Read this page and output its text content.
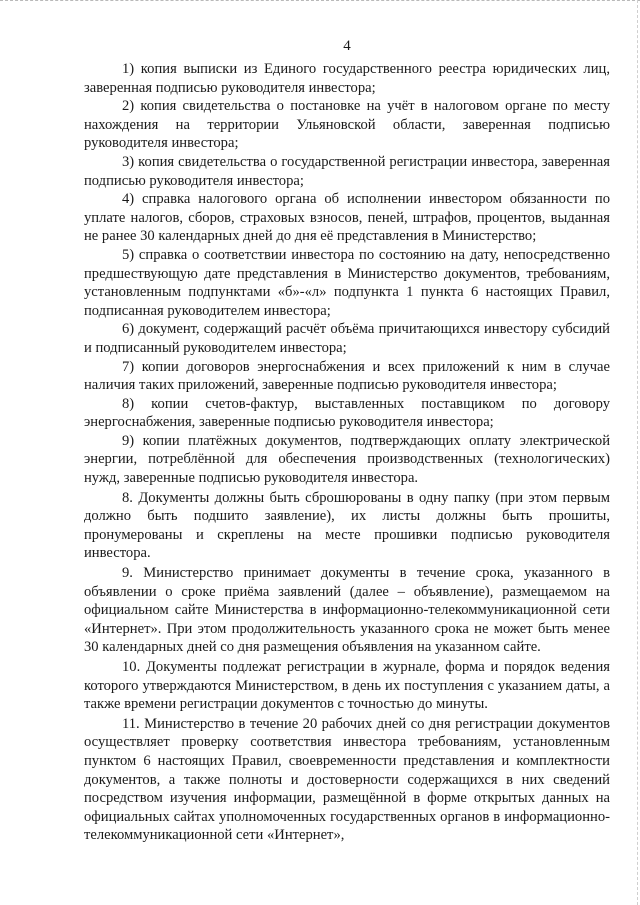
4

1) копия выписки из Единого государственного реестра юридических лиц, заверенная подписью руководителя инвестора;

2) копия свидетельства о постановке на учёт в налоговом органе по месту нахождения на территории Ульяновской области, заверенная подписью руководителя инвестора;

3) копия свидетельства о государственной регистрации инвестора, заверенная подписью руководителя инвестора;

4) справка налогового органа об исполнении инвестором обязанности по уплате налогов, сборов, страховых взносов, пеней, штрафов, процентов, выданная не ранее 30 календарных дней до дня её представления в Министерство;

5) справка о соответствии инвестора по состоянию на дату, непосредственно предшествующую дате представления в Министерство документов, требованиям, установленным подпунктами «б»-«л» подпункта 1 пункта 6 настоящих Правил, подписанная руководителем инвестора;

6) документ, содержащий расчёт объёма причитающихся инвестору субсидий и подписанный руководителем инвестора;

7) копии договоров энергоснабжения и всех приложений к ним в случае наличия таких приложений, заверенные подписью руководителя инвестора;

8) копии счетов-фактур, выставленных поставщиком по договору энергоснабжения, заверенные подписью руководителя инвестора;

9) копии платёжных документов, подтверждающих оплату электрической энергии, потреблённой для обеспечения производственных (технологических) нужд, заверенные подписью руководителя инвестора.

8. Документы должны быть сброшюрованы в одну папку (при этом первым должно быть подшито заявление), их листы должны быть прошиты, пронумерованы и скреплены на месте прошивки подписью руководителя инвестора.

9. Министерство принимает документы в течение срока, указанного в объявлении о сроке приёма заявлений (далее – объявление), размещаемом на официальном сайте Министерства в информационно-телекоммуникационной сети «Интернет». При этом продолжительность указанного срока не может быть менее 30 календарных дней со дня размещения объявления на указанном сайте.

10. Документы подлежат регистрации в журнале, форма и порядок ведения которого утверждаются Министерством, в день их поступления с указанием даты, а также времени регистрации документов с точностью до минуты.

11. Министерство в течение 20 рабочих дней со дня регистрации документов осуществляет проверку соответствия инвестора требованиям, установленным пунктом 6 настоящих Правил, своевременности представления и комплектности документов, а также полноты и достоверности содержащихся в них сведений посредством изучения информации, размещённой в форме открытых данных на официальных сайтах уполномоченных государственных органов в информационно-телекоммуникационной сети «Интернет»,
